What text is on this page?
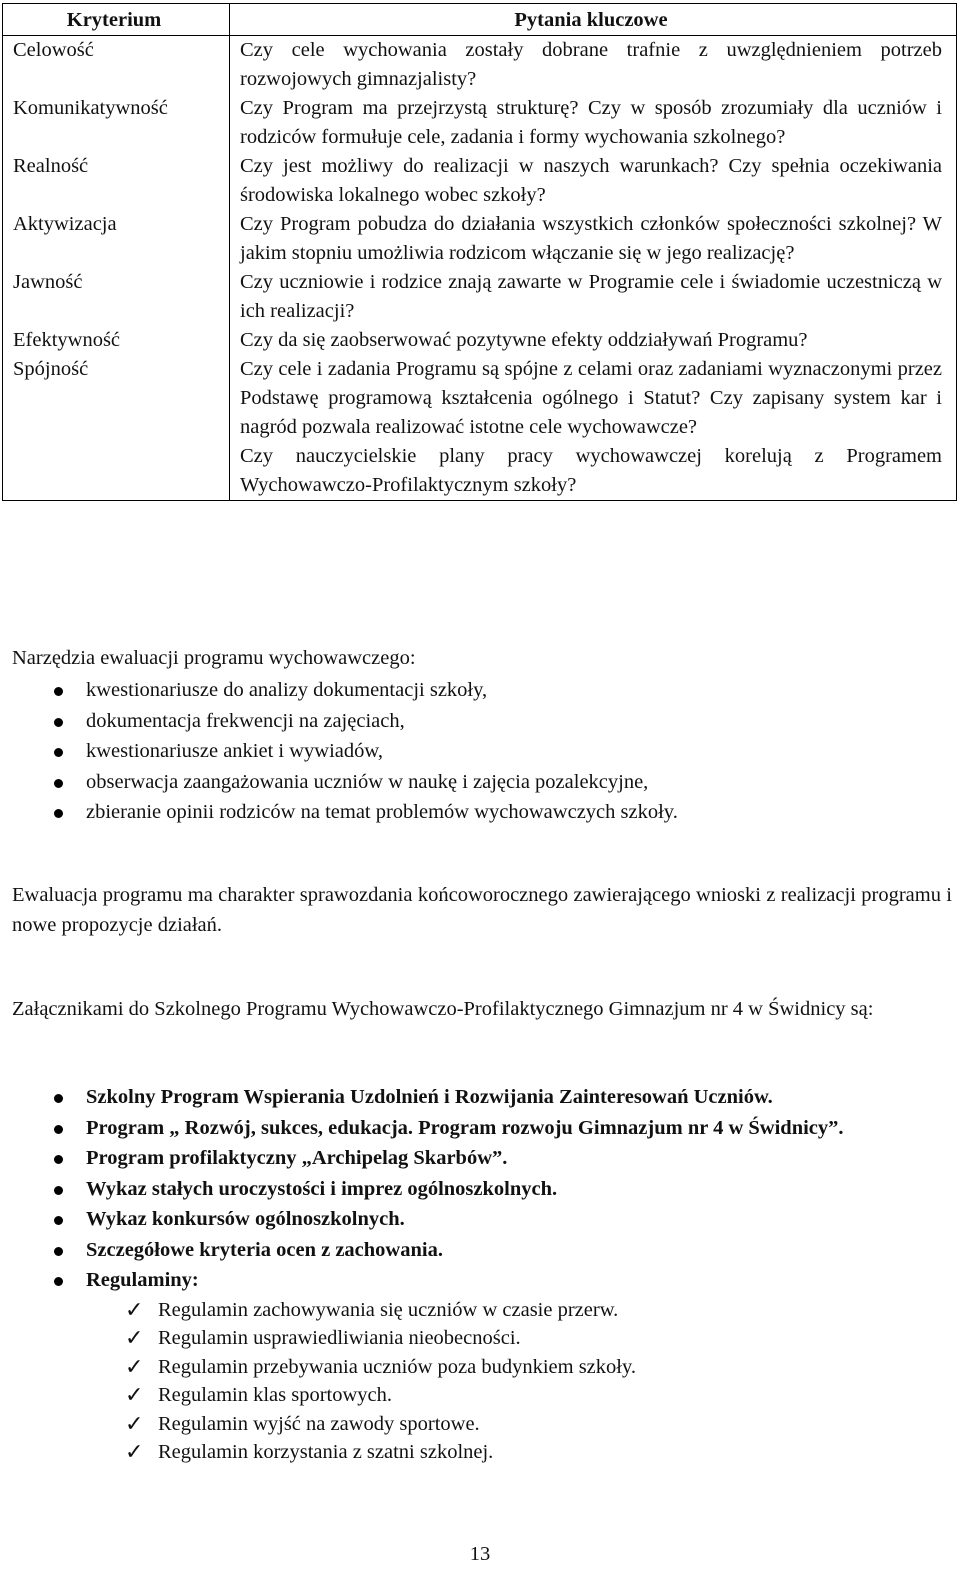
Kryterium	Pytania kluczowe
Celowość	Czy cele wychowania zostały dobrane trafnie z uwzględnieniem potrzeb rozwojowych gimnazjalisty?
Komunikatywność	Czy Program ma przejrzystą strukturę? Czy w sposób zrozumiały dla uczniów i rodziców formułuje cele, zadania i formy wychowania szkolnego?
Realność	Czy jest możliwy do realizacji w naszych warunkach? Czy spełnia oczekiwania środowiska lokalnego wobec szkoły?
Aktywizacja	Czy Program pobudza do działania wszystkich członków społeczności szkolnej? W jakim stopniu umożliwia rodzicom włączanie się w jego realizację?
Jawność	Czy uczniowie i rodzice znają zawarte w Programie cele i świadomie uczestniczą w ich realizacji?
Efektywność	Czy da się zaobserwować pozytywne efekty oddziaływań Programu?
Spójność	Czy cele i zadania Programu są spójne z celami oraz zadaniami wyznaczonymi przez Podstawę programową kształcenia ogólnego i Statut? Czy zapisany system kar i nagród pozwala realizować istotne cele wychowawcze?
Czy nauczycielskie plany pracy wychowawczej korelują z Programem Wychowawczo-Profilaktycznym szkoły?
Narzędzia ewaluacji programu wychowawczego:
kwestionariusze do analizy dokumentacji szkoły,
dokumentacja frekwencji na zajęciach,
kwestionariusze ankiet i wywiadów,
obserwacja zaangażowania uczniów w naukę i zajęcia pozalekcyjne,
zbieranie opinii rodziców na temat problemów wychowawczych szkoły.
Ewaluacja programu ma charakter sprawozdania końcoworocznego zawierającego wnioski z realizacji programu i nowe propozycje działań.
Załącznikami do Szkolnego Programu Wychowawczo-Profilaktycznego Gimnazjum nr 4 w Świdnicy są:
Szkolny Program Wspierania Uzdolnień i Rozwijania Zainteresowań Uczniów.
Program „ Rozwój, sukces, edukacja. Program rozwoju Gimnazjum nr 4 w Świdnicy”.
Program profilaktyczny „Archipelag Skarbów”.
Wykaz stałych uroczystości i imprez ogólnoszkolnych.
Wykaz konkursów ogólnoszkolnych.
Szczegółowe kryteria ocen z zachowania.
Regulaminy:
✓ Regulamin zachowywania się uczniów w czasie przerw.
✓ Regulamin usprawiedliwiania nieobecności.
✓ Regulamin przebywania uczniów poza budynkiem szkoły.
✓ Regulamin klas sportowych.
✓ Regulamin wyjść na zawody sportowe.
✓ Regulamin korzystania z szatni szkolnej.
13
